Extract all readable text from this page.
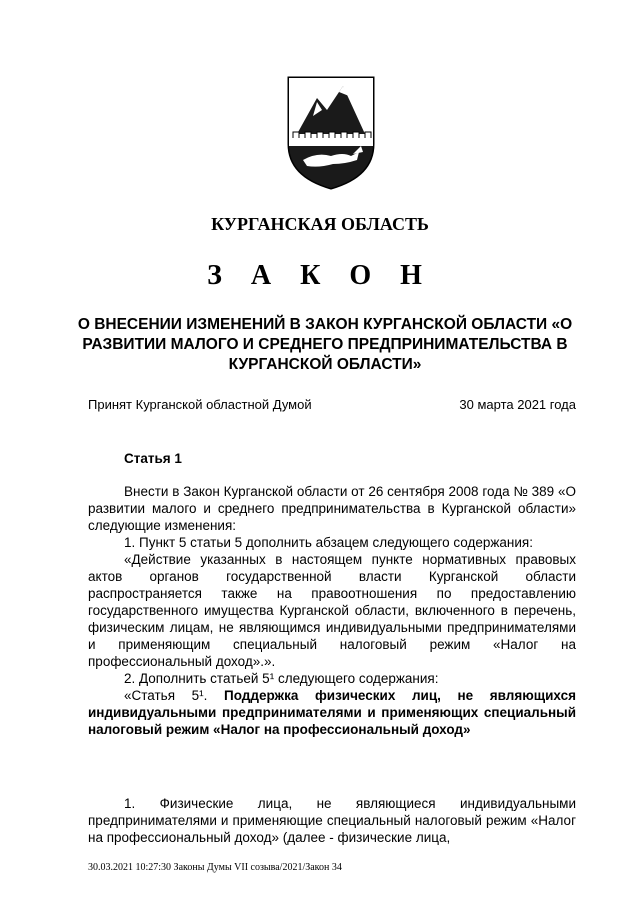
КУРГАНСКАЯ ОБЛАСТЬ
З А К О Н
О ВНЕСЕНИИ ИЗМЕНЕНИЙ В ЗАКОН КУРГАНСКОЙ ОБЛАСТИ «О РАЗВИТИИ МАЛОГО И СРЕДНЕГО ПРЕДПРИНИМАТЕЛЬСТВА В КУРГАНСКОЙ ОБЛАСТИ»
Принят Курганской областной Думой	30 марта 2021 года
Статья 1

Внести в Закон Курганской области от 26 сентября 2008 года № 389 «О развитии малого и среднего предпринимательства в Курганской области» следующие изменения:

1. Пункт 5 статьи 5 дополнить абзацем следующего содержания:

«Действие указанных в настоящем пункте нормативных правовых актов органов государственной власти Курганской области распространяется также на правоотношения по предоставлению государственного имущества Курганской области, включенного в перечень, физическим лицам, не являющимся индивидуальными предпринимателями и применяющим специальный налоговый режим «Налог на профессиональный доход».».

2. Дополнить статьей 5¹ следующего содержания:

«Статья 5¹. Поддержка физических лиц, не являющихся индивидуальными предпринимателями и применяющих специальный налоговый режим «Налог на профессиональный доход»

1. Физические лица, не являющиеся индивидуальными предпринимателями и применяющие специальный налоговый режим «Налог на профессиональный доход» (далее - физические лица,

30.03.2021 10:27:30 Законы Думы VII созыва/2021/Закон 34
